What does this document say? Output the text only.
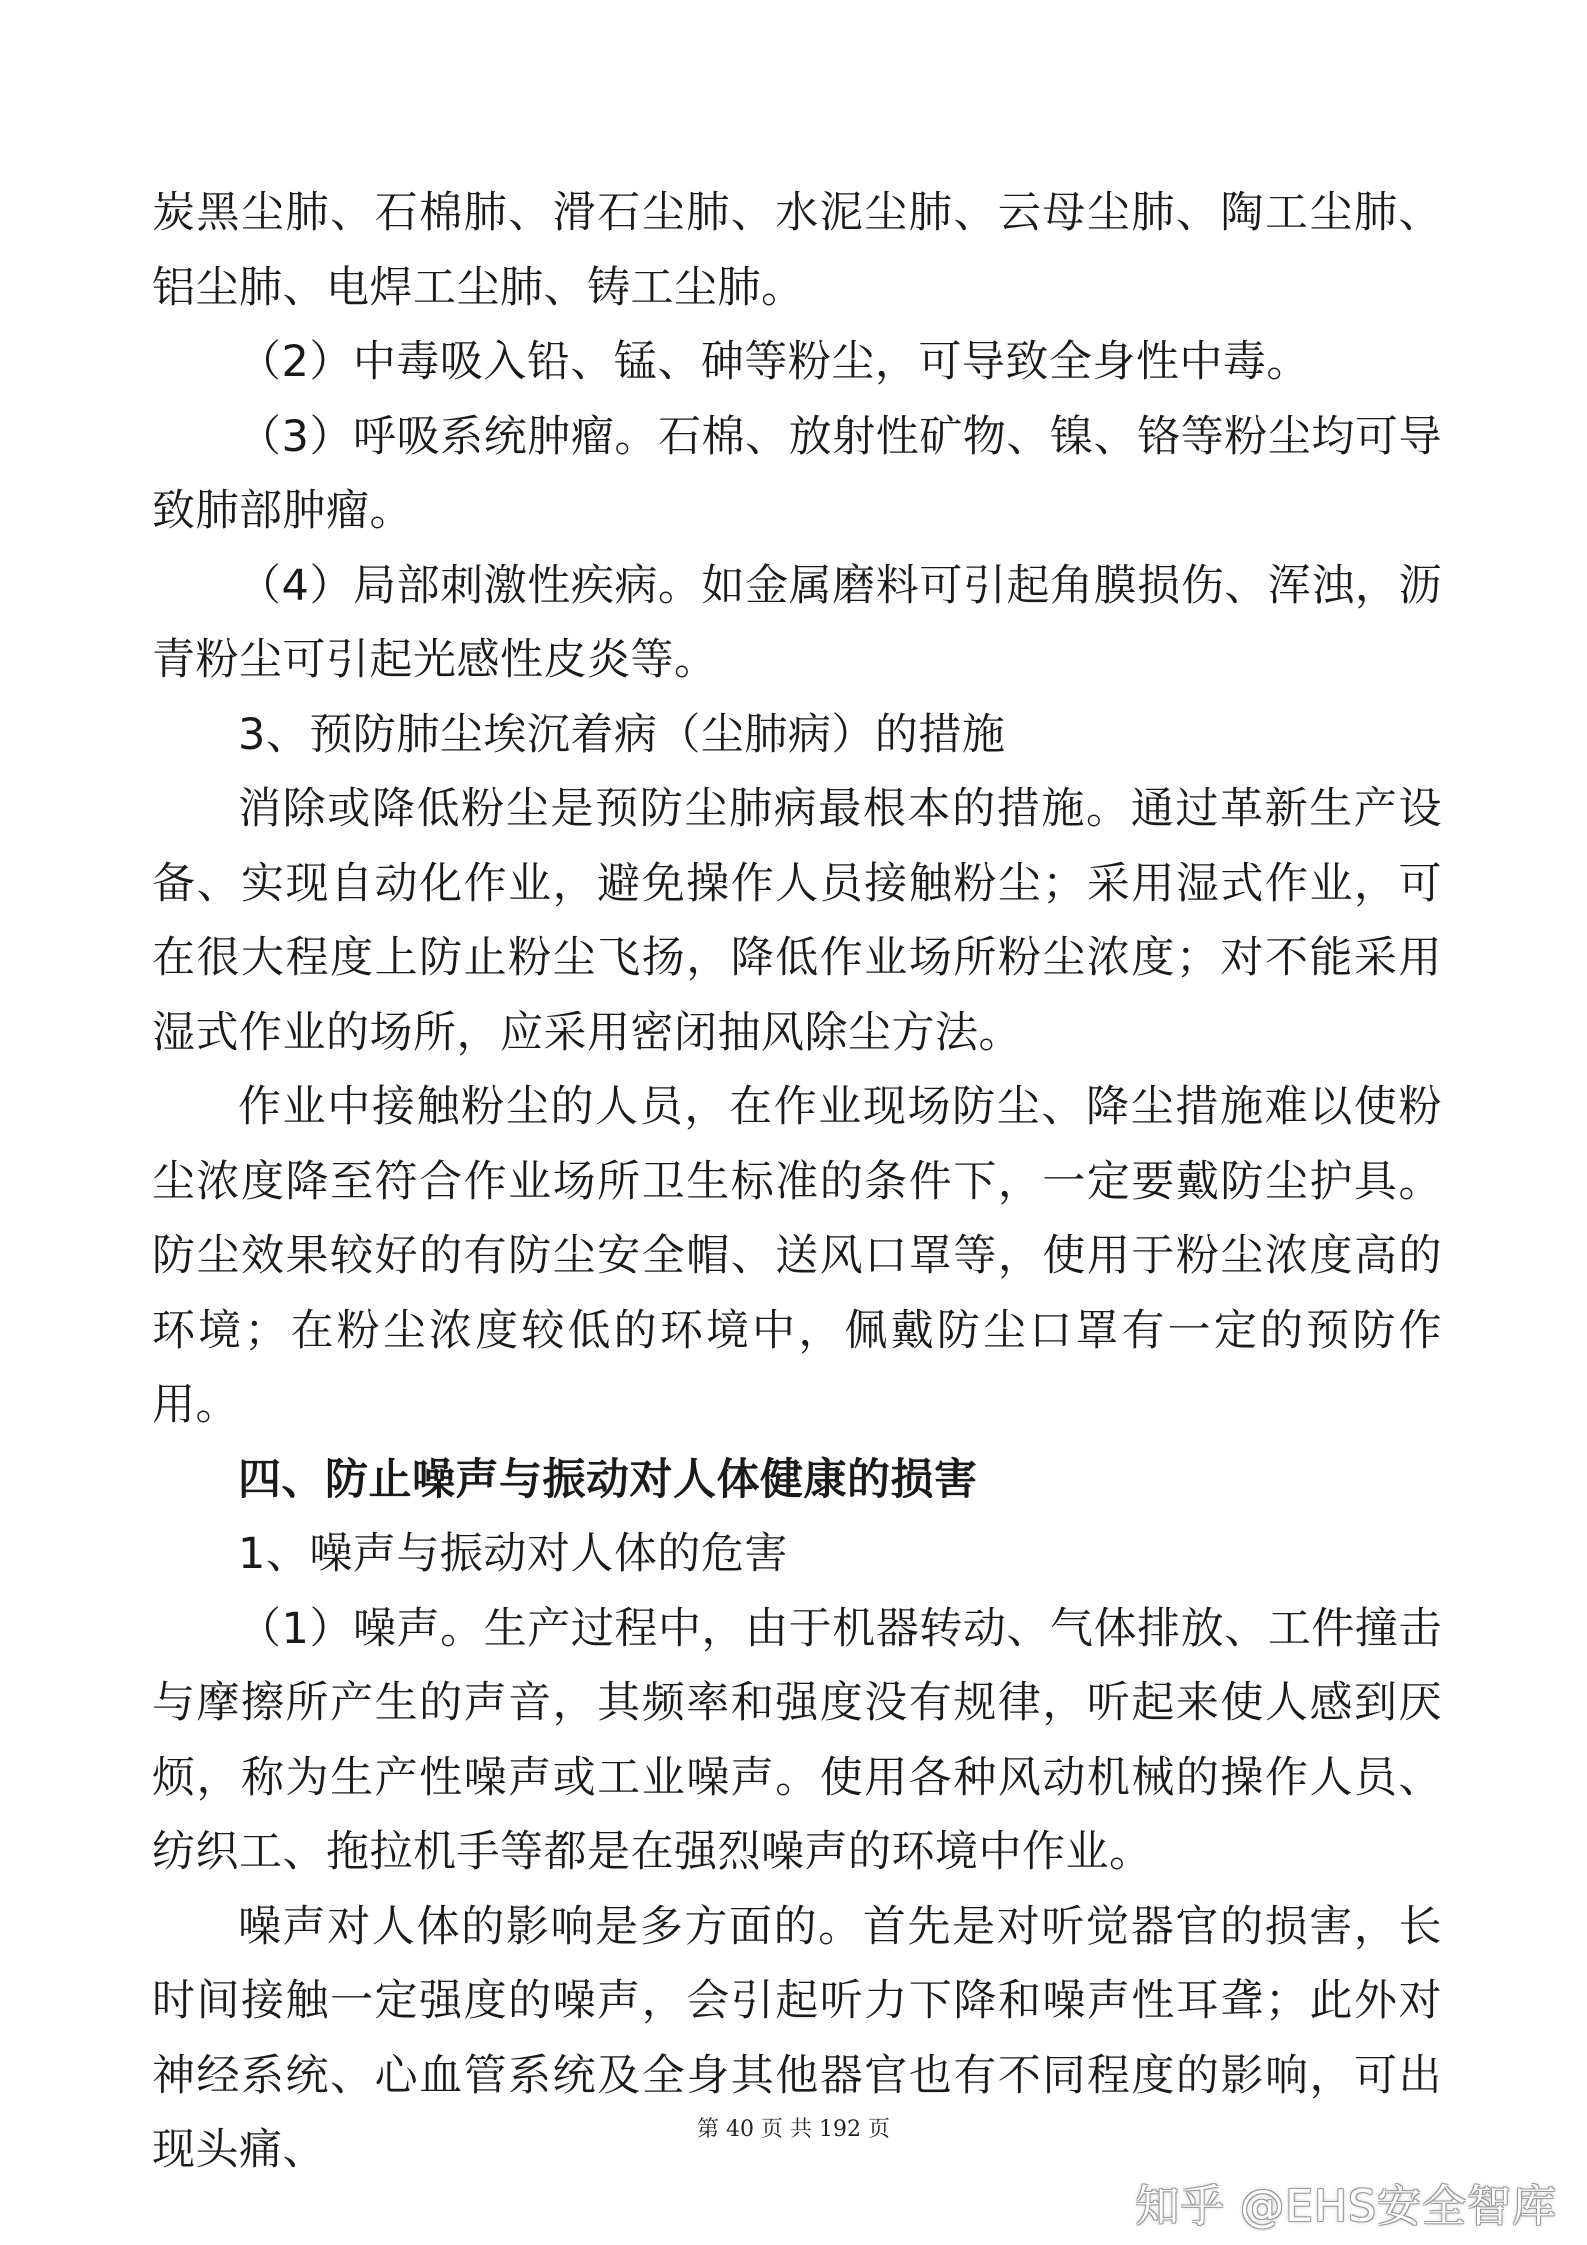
炭黑尘肺、石棉肺、滑石尘肺、水泥尘肺、云母尘肺、陶工尘肺、铝尘肺、电焊工尘肺、铸工尘肺。

（2）中毒吸入铅、锰、砷等粉尘，可导致全身性中毒。

（3）呼吸系统肿瘤。石棉、放射性矿物、镍、铬等粉尘均可导致肺部肿瘤。

（4）局部刺激性疾病。如金属磨料可引起角膜损伤、浑浊，沥青粉尘可引起光感性皮炎等。

3、预防肺尘埃沉着病（尘肺病）的措施

消除或降低粉尘是预防尘肺病最根本的措施。通过革新生产设备、实现自动化作业，避免操作人员接触粉尘；采用湿式作业，可在很大程度上防止粉尘飞扬，降低作业场所粉尘浓度；对不能采用湿式作业的场所，应采用密闭抽风除尘方法。

作业中接触粉尘的人员，在作业现场防尘、降尘措施难以使粉尘浓度降至符合作业场所卫生标准的条件下，一定要戴防尘护具。防尘效果较好的有防尘安全帽、送风口罩等，使用于粉尘浓度高的环境；在粉尘浓度较低的环境中，佩戴防尘口罩有一定的预防作用。

四、防止噪声与振动对人体健康的损害

1、噪声与振动对人体的危害

（1）噪声。生产过程中，由于机器转动、气体排放、工件撞击与摩擦所产生的声音，其频率和强度没有规律，听起来使人感到厌烦，称为生产性噪声或工业噪声。使用各种风动机械的操作人员、纺织工、拖拉机手等都是在强烈噪声的环境中作业。

噪声对人体的影响是多方面的。首先是对听觉器官的损害，长时间接触一定强度的噪声，会引起听力下降和噪声性耳聋；此外对神经系统、心血管系统及全身其他器官也有不同程度的影响，可出现头痛、	第 40 页 共 192 页
知乎 @EHS安全智库
